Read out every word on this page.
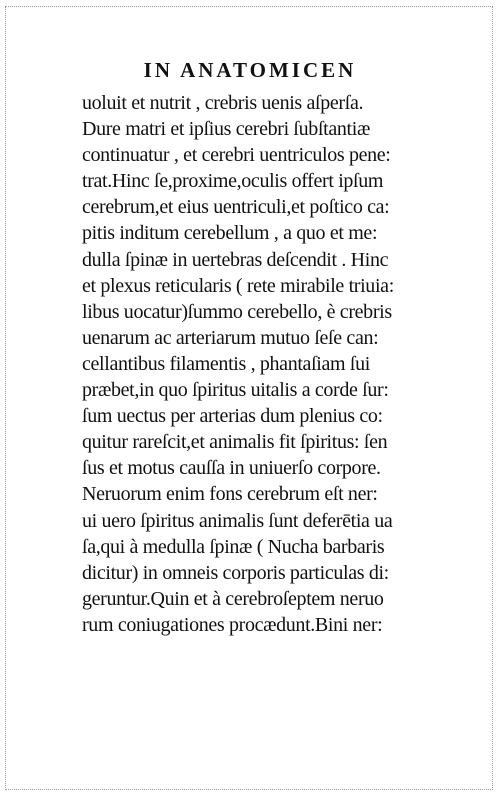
IN ANATOMICEN
uoluit et nutrit , crebris uenis aſperſa.
Dure matri et ipſius cerebri ſubſtantiæ
continuatur , et cerebri uentriculos pene:
trat.Hinc ſe,proxime,oculis offert ipſum
cerebrum,et eius uentriculi,et poſtico ca:
pitis inditum cerebellum , a quo et me:
dulla ſpinæ in uertebras deſcendit . Hinc
et plexus reticularis ( rete mirabile triuia:
libus uocatur)ſummo cerebello, è crebris
uenarum ac arteriarum mutuo ſeſe can:
cellantibus filamentis , phantaſiam ſui
præbet,in quo ſpiritus uitalis a corde ſur:
ſum uectus per arterias dum plenius co:
quitur rareſcit,et animalis fit ſpiritus: ſen
ſus et motus cauſſa in uniuerſo corpore.
Neruorum enim fons cerebrum eſt ner:
ui uero ſpiritus animalis ſunt deferētia ua
ſa,qui à medulla ſpinæ ( Nucha barbaris
dicitur) in omneis corporis particulas di:
geruntur.Quin et à cerebroſeptem neruo
rum coniugationes procædunt.Bini ner:
